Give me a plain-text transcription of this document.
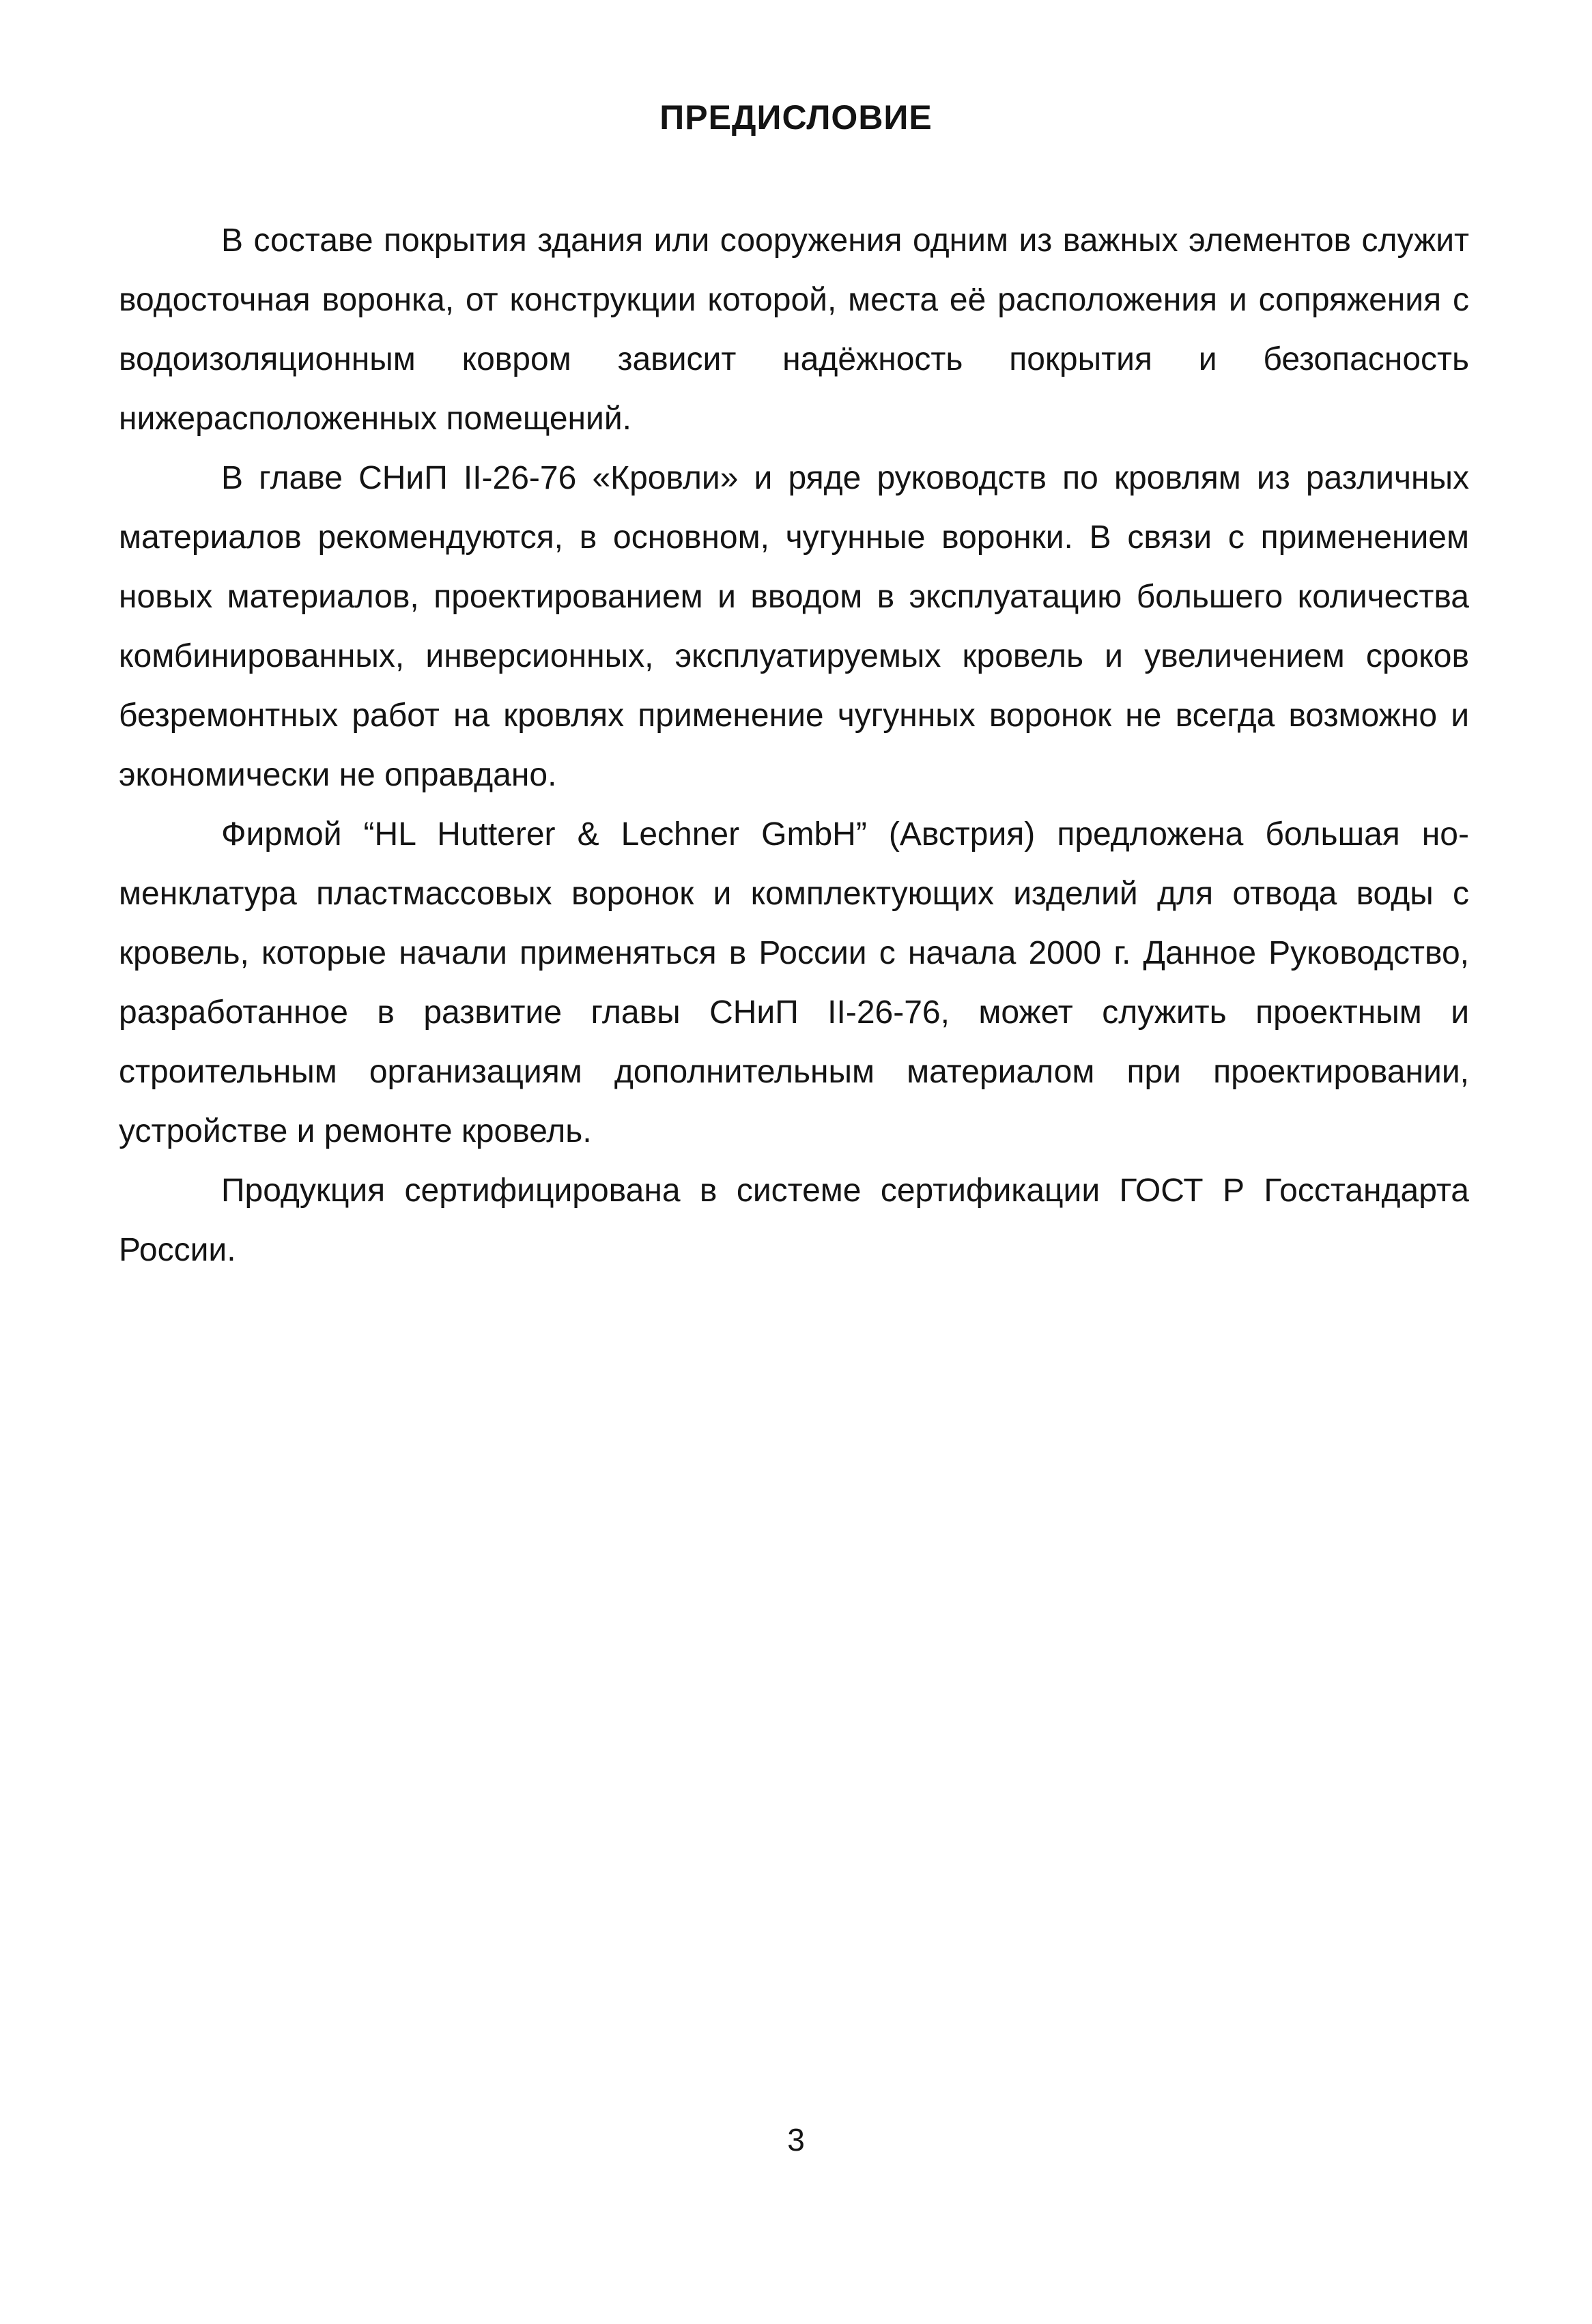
ПРЕДИСЛОВИЕ

В составе покрытия здания или сооружения одним из важных элементов служит водосточная воронка, от конструкции которой, места её расположения и сопряжения с водоизоляционным ковром зависит надёжность покрытия и безопасность нижерасположенных помещений.

В главе СНиП II-26-76 «Кровли» и ряде руководств по кровлям из различных материалов рекомендуются, в основном, чугунные воронки. В связи с применением новых материалов, проектированием и вводом в эксплуатацию большего количества комбинированных, инверсионных, эксплуатируемых кровель и увеличением сроков безремонтных работ на кровлях применение чугунных воронок не всегда возможно и экономически не оправдано.

Фирмой “HL Hutterer & Lechner GmbH” (Австрия) предложена большая номенклатура пластмассовых воронок и комплектующих изделий для отвода воды с кровель, которые начали применяться в России с начала 2000 г. Данное Руководство, разработанное в развитие главы СНиП II-26-76, может служить проектным и строительным организациям дополнительным материалом при проектировании, устройстве и ремонте кровель.

Продукция сертифицирована в системе сертификации ГОСТ Р Госстандарта России.

3
